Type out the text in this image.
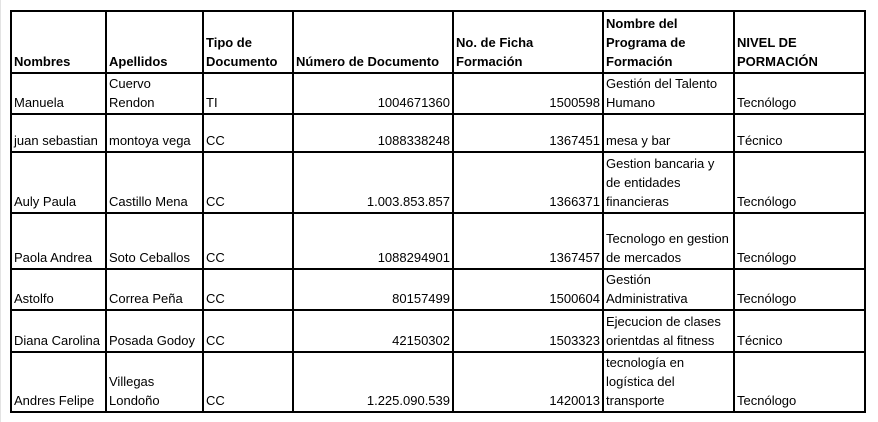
Nombres	Apellidos	Tipo de Documento	Número de Documento	No. de Ficha Formación	Nombre del Programa de Formación	NIVEL DE PORMACIÓN
Manuela	Cuervo Rendon	TI	1004671360	1500598	Gestión del Talento Humano	Tecnólogo
juan sebastian	montoya vega	CC	1088338248	1367451	mesa y bar	Técnico
Auly Paula	Castillo Mena	CC	1.003.853.857	1366371	Gestion bancaria y de entidades financieras	Tecnólogo
Paola Andrea	Soto Ceballos	CC	1088294901	1367457	Tecnologo en gestion de mercados	Tecnólogo
Astolfo	Correa Peña	CC	80157499	1500604	Gestión Administrativa	Tecnólogo
Diana Carolina	Posada Godoy	CC	42150302	1503323	Ejecucion de clases orientdas al fitness	Técnico
Andres Felipe	Villegas Londoño	CC	1.225.090.539	1420013	tecnología en logística del transporte	Tecnólogo
